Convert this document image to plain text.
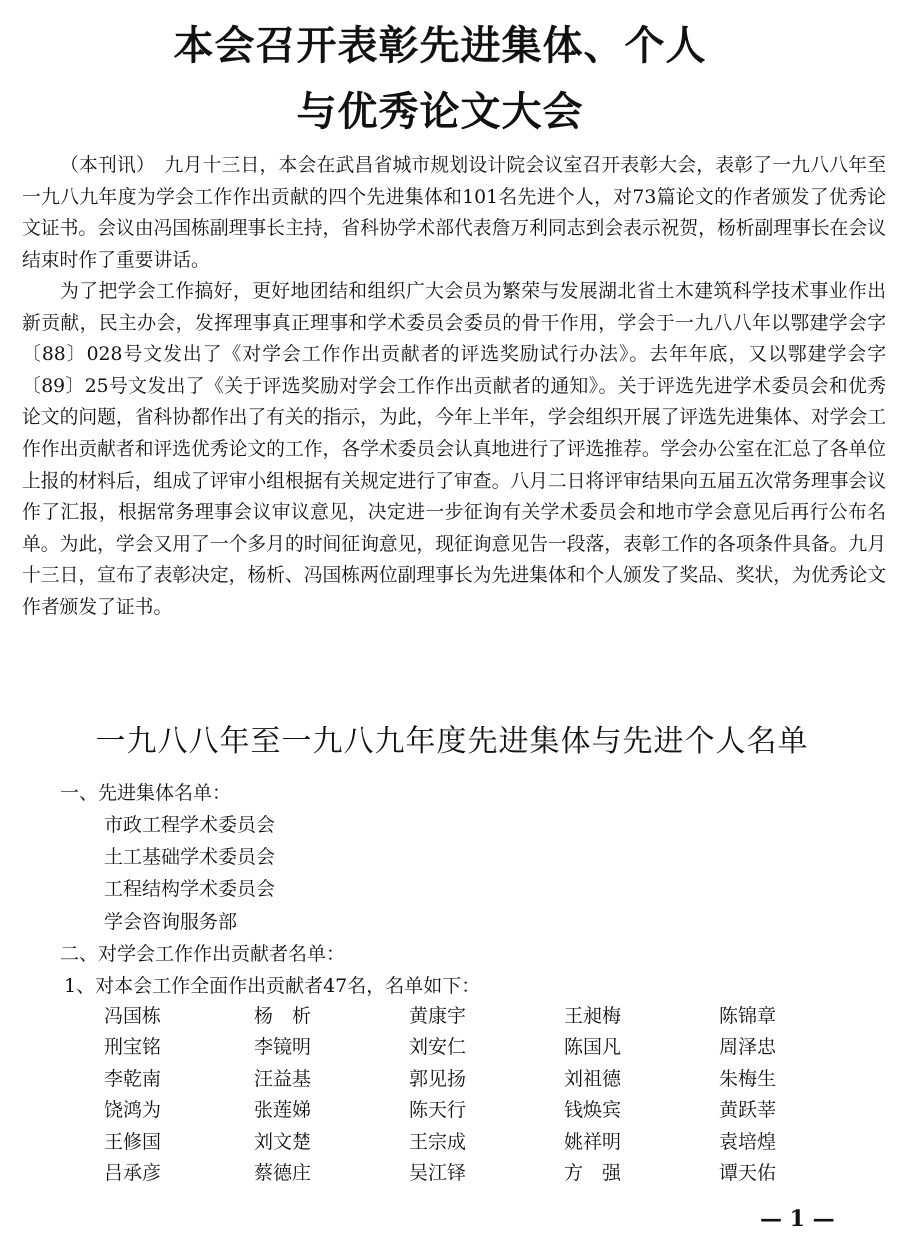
本会召开表彰先进集体、个人
与优秀论文大会
（本刊讯）　九月十三日，本会在武昌省城市规划设计院会议室召开表彰大会，表彰了一九八八年至一九八九年度为学会工作作出贡献的四个先进集体和101名先进个人，对73篇论文的作者颁发了优秀论文证书。会议由冯国栋副理事长主持，省科协学术部代表詹万利同志到会表示祝贺，杨析副理事长在会议结束时作了重要讲话。
为了把学会工作搞好，更好地团结和组织广大会员为繁荣与发展湖北省土木建筑科学技术事业作出新贡献，民主办会，发挥理事真正理事和学术委员会委员的骨干作用，学会于一九八八年以鄂建学会字〔88〕028号文发出了《对学会工作作出贡献者的评选奖励试行办法》。去年年底，又以鄂建学会字〔89〕25号文发出了《关于评选奖励对学会工作作出贡献者的通知》。关于评选先进学术委员会和优秀论文的问题，省科协都作出了有关的指示，为此，今年上半年，学会组织开展了评选先进集体、对学会工作作出贡献者和评选优秀论文的工作，各学术委员会认真地进行了评选推荐。学会办公室在汇总了各单位上报的材料后，组成了评审小组根据有关规定进行了审查。八月二日将评审结果向五届五次常务理事会议作了汇报，根据常务理事会议审议意见，决定进一步征询有关学术委员会和地市学会意见后再行公布名单。为此，学会又用了一个多月的时间征询意见，现征询意见告一段落，表彰工作的各项条件具备。九月十三日，宣布了表彰决定，杨析、冯国栋两位副理事长为先进集体和个人颁发了奖品、奖状，为优秀论文作者颁发了证书。
一九八八年至一九八九年度先进集体与先进个人名单
一、先进集体名单：
市政工程学术委员会
土工基础学术委员会
工程结构学术委员会
学会咨询服务部
二、对学会工作作出贡献者名单：
1、对本会工作全面作出贡献者47名，名单如下：
冯国栋	杨　析	黄康宇	王昶梅	陈锦章
刑宝铭	李镜明	刘安仁	陈国凡	周泽忠
李乾南	汪益基	郭见扬	刘祖德	朱梅生
饶鸿为	张莲娣	陈天行	钱焕宾	黄跃莘
王修国	刘文楚	王宗成	姚祥明	袁培煌
吕承彦	蔡德庄	吴江铎	方　强	谭天佑
— 1 —
